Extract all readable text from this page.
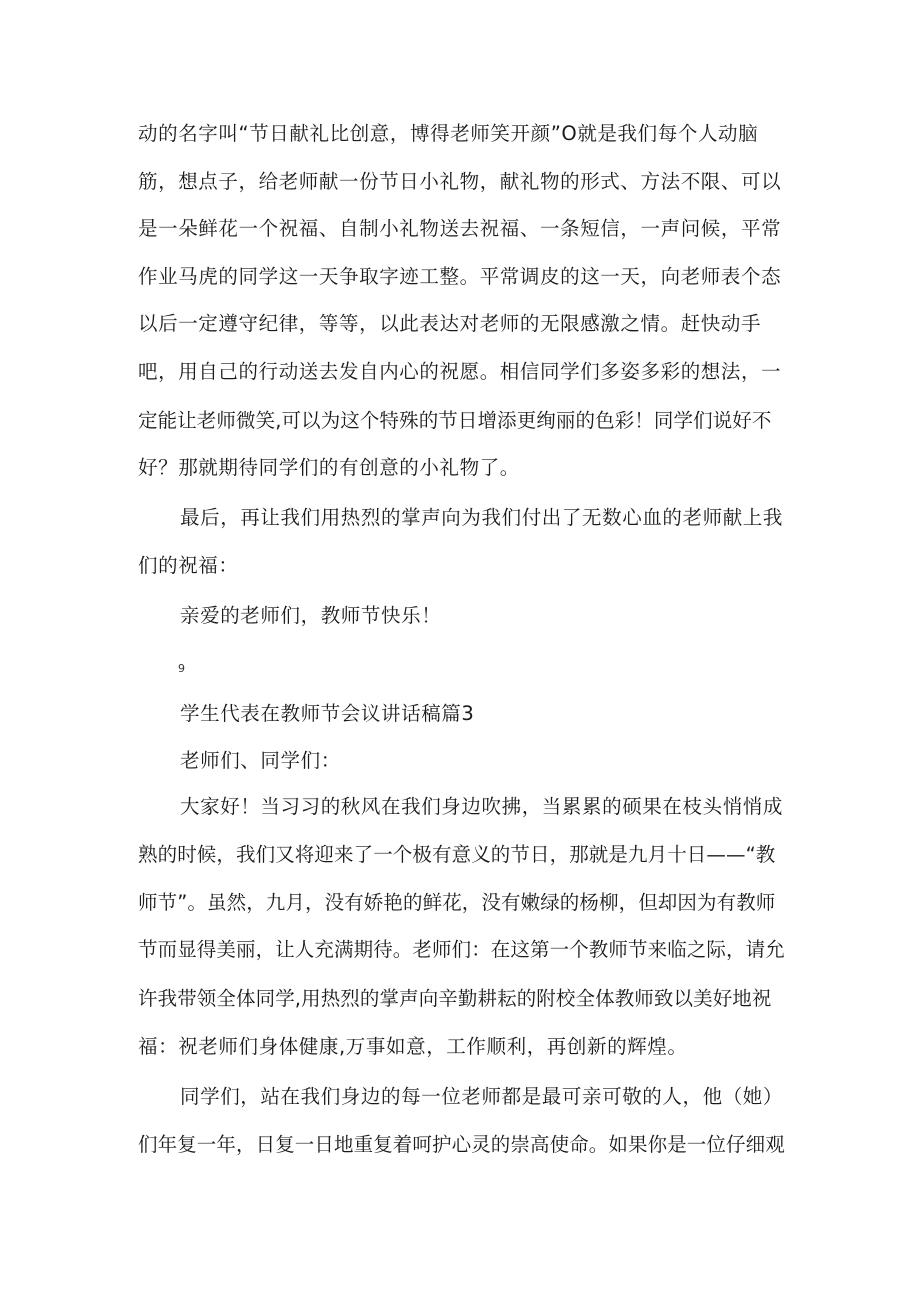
动的名字叫“节日献礼比创意，博得老师笑开颜”O就是我们每个人动脑

筋，想点子，给老师献一份节日小礼物，献礼物的形式、方法不限、可以

是一朵鲜花一个祝福、自制小礼物送去祝福、一条短信，一声问候，平常

作业马虎的同学这一天争取字迹工整。平常调皮的这一天，向老师表个态

以后一定遵守纪律，等等，以此表达对老师的无限感激之情。赶快动手

吧，用自己的行动送去发自内心的祝愿。相信同学们多姿多彩的想法，一

定能让老师微笑,可以为这个特殊的节日增添更绚丽的色彩！同学们说好不

好？那就期待同学们的有创意的小礼物了。

最后，再让我们用热烈的掌声向为我们付出了无数心血的老师献上我

们的祝福：

亲爱的老师们，教师节快乐！

9

学生代表在教师节会议讲话稿篇3

老师们、同学们：

大家好！当习习的秋风在我们身边吹拂，当累累的硕果在枝头悄悄成

熟的时候，我们又将迎来了一个极有意义的节日，那就是九月十日——“教

师节”。虽然，九月，没有娇艳的鲜花，没有嫩绿的杨柳，但却因为有教师

节而显得美丽，让人充满期待。老师们：在这第一个教师节来临之际，请允

许我带领全体同学,用热烈的掌声向辛勤耕耘的附校全体教师致以美好地祝

福：祝老师们身体健康,万事如意，工作顺利，再创新的辉煌。

同学们，站在我们身边的每一位老师都是最可亲可敬的人，他（她）

们年复一年，日复一日地重复着呵护心灵的崇高使命。如果你是一位仔细观
